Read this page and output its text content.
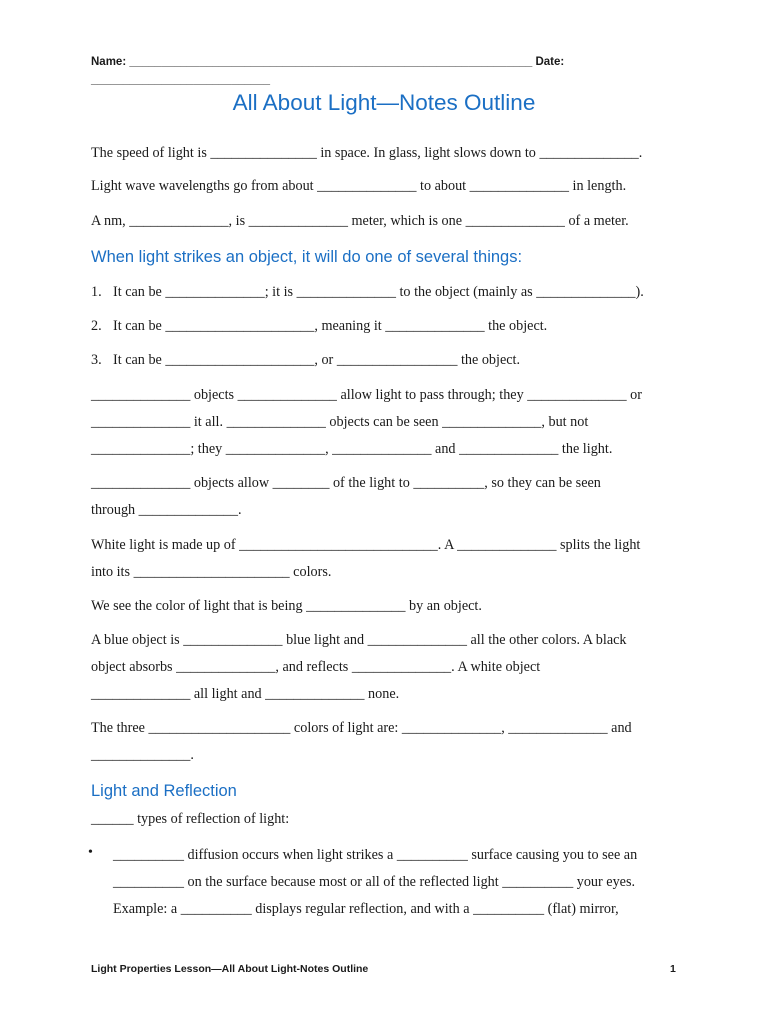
Name: _______________________________________________________________ Date:
____________________________
All About Light—Notes Outline

The speed of light is _______________ in space. In glass, light slows down to ______________.

Light wave wavelengths go from about ______________ to about ______________ in length.

A nm, ______________, is ______________ meter, which is one ______________ of a meter.

When light strikes an object, it will do one of several things:

1. It can be ______________; it is ______________ to the object (mainly as ______________).

2. It can be _____________________, meaning it ______________ the object.

3. It can be _____________________, or _________________ the object.

______________ objects ______________ allow light to pass through; they ______________ or
______________ it all. ______________ objects can be seen ______________, but not
______________; they ______________, ______________ and ______________ the light.
______________ objects allow ________ of the light to __________, so they can be seen
through ______________.
White light is made up of ____________________________. A ______________ splits the light
into its ______________________ colors.

We see the color of light that is being ______________ by an object.

A blue object is ______________ blue light and ______________ all the other colors. A black
object absorbs ______________, and reflects ______________. A white object
______________ all light and ______________ none.
The three ____________________ colors of light are: ______________, ______________ and
______________.
Light and Reflection

______ types of reflection of light:

• __________ diffusion occurs when light strikes a __________ surface causing you to see an
__________ on the surface because most or all of the reflected light __________ your eyes.
Example: a __________ displays regular reflection, and with a __________ (flat) mirror,
Light Properties Lesson—All About Light-Notes Outline	1
